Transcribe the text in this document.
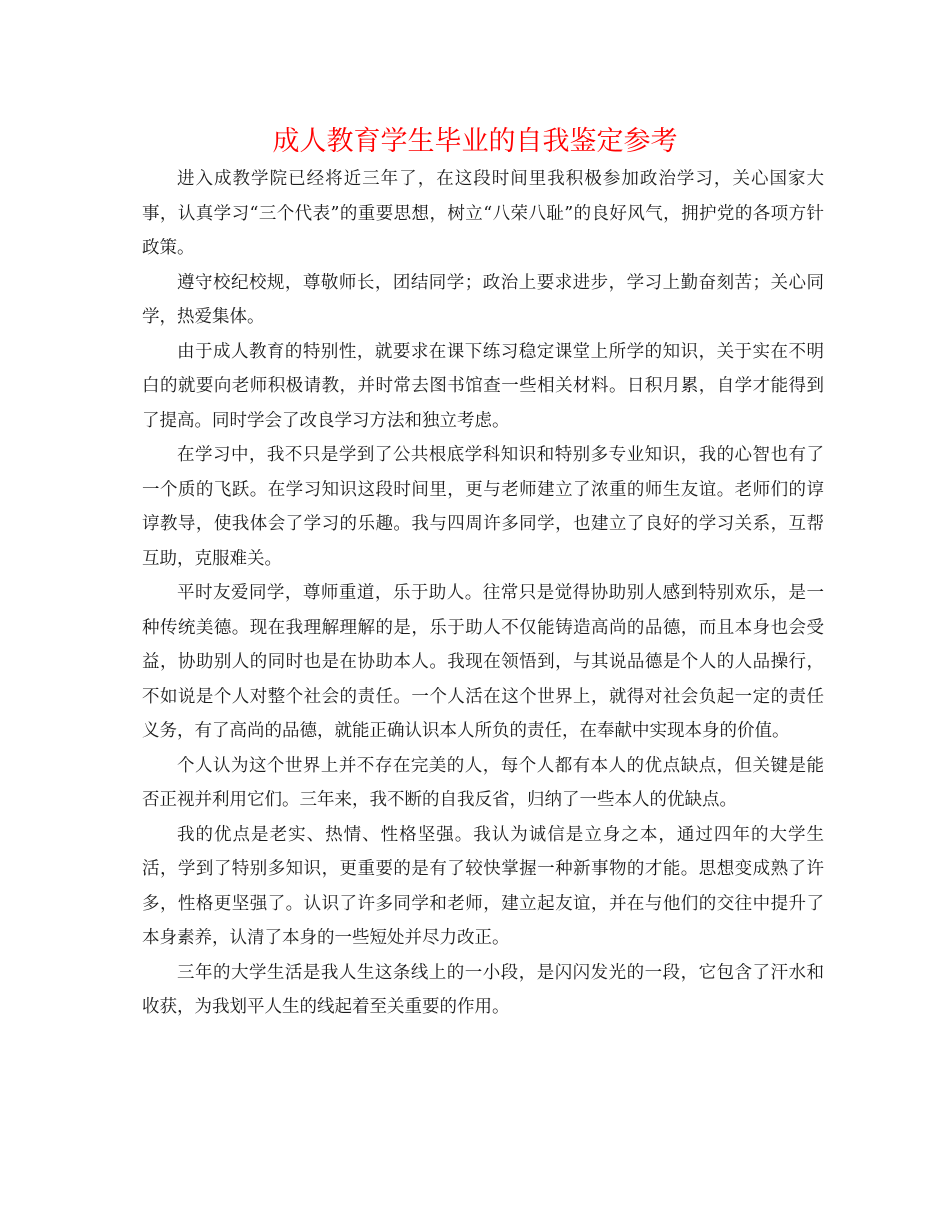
成人教育学生毕业的自我鉴定参考

进入成教学院已经将近三年了，在这段时间里我积极参加政治学习，关心国家大事，认真学习“三个代表”的重要思想，树立“八荣八耻”的良好风气，拥护党的各项方针政策。

遵守校纪校规，尊敬师长，团结同学；政治上要求进步，学习上勤奋刻苦；关心同学，热爱集体。

由于成人教育的特别性，就要求在课下练习稳定课堂上所学的知识，关于实在不明白的就要向老师积极请教，并时常去图书馆查一些相关材料。日积月累，自学才能得到了提高。同时学会了改良学习方法和独立考虑。

在学习中，我不只是学到了公共根底学科知识和特别多专业知识，我的心智也有了一个质的飞跃。在学习知识这段时间里，更与老师建立了浓重的师生友谊。老师们的谆谆教导，使我体会了学习的乐趣。我与四周许多同学，也建立了良好的学习关系，互帮互助，克服难关。

平时友爱同学，尊师重道，乐于助人。往常只是觉得协助别人感到特别欢乐，是一种传统美德。现在我理解理解的是，乐于助人不仅能铸造高尚的品德，而且本身也会受益，协助别人的同时也是在协助本人。我现在领悟到，与其说品德是个人的人品操行，不如说是个人对整个社会的责任。一个人活在这个世界上，就得对社会负起一定的责任义务，有了高尚的品德，就能正确认识本人所负的责任，在奉献中实现本身的价值。

个人认为这个世界上并不存在完美的人，每个人都有本人的优点缺点，但关键是能否正视并利用它们。三年来，我不断的自我反省，归纳了一些本人的优缺点。

我的优点是老实、热情、性格坚强。我认为诚信是立身之本，通过四年的大学生活，学到了特别多知识，更重要的是有了较快掌握一种新事物的才能。思想变成熟了许多，性格更坚强了。认识了许多同学和老师，建立起友谊，并在与他们的交往中提升了本身素养，认清了本身的一些短处并尽力改正。

三年的大学生活是我人生这条线上的一小段，是闪闪发光的一段，它包含了汗水和收获，为我划平人生的线起着至关重要的作用。
